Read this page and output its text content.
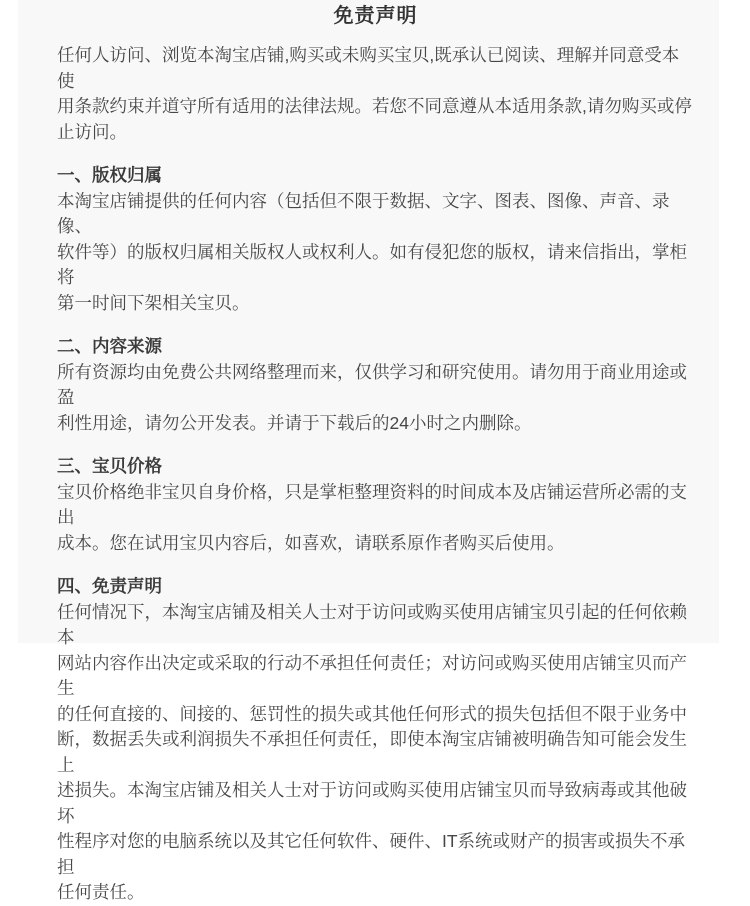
免责声明

任何人访问、浏览本淘宝店铺,购买或未购买宝贝,既承认已阅读、理解并同意受本使
用条款约束并道守所有适用的法律法规。若您不同意遵从本适用条款,请勿购买或停
止访问。

一、版权归属

本淘宝店铺提供的任何内容（包括但不限于数据、文字、图表、图像、声音、录像、
软件等）的版权归属相关版权人或权利人。如有侵犯您的版权，请来信指出，掌柜将
第一时间下架相关宝贝。

二、内容来源

所有资源均由免费公共网络整理而来，仅供学习和研究使用。请勿用于商业用途或盈
利性用途，请勿公开发表。并请于下载后的24小时之内删除。

三、宝贝价格

宝贝价格绝非宝贝自身价格，只是掌柜整理资料的时间成本及店铺运营所必需的支出
成本。您在试用宝贝内容后，如喜欢，请联系原作者购买后使用。

四、免责声明

任何情况下，本淘宝店铺及相关人士对于访问或购买使用店铺宝贝引起的任何依赖本
网站内容作出决定或采取的行动不承担任何责任；对访问或购买使用店铺宝贝而产生
的任何直接的、间接的、惩罚性的损失或其他任何形式的损失包括但不限于业务中
断，数据丢失或利润损失不承担任何责任，即使本淘宝店铺被明确告知可能会发生上
述损失。本淘宝店铺及相关人士对于访问或购买使用店铺宝贝而导致病毒或其他破坏
性程序对您的电脑系统以及其它任何软件、硬件、IT系统或财产的损害或损失不承担
任何责任。
